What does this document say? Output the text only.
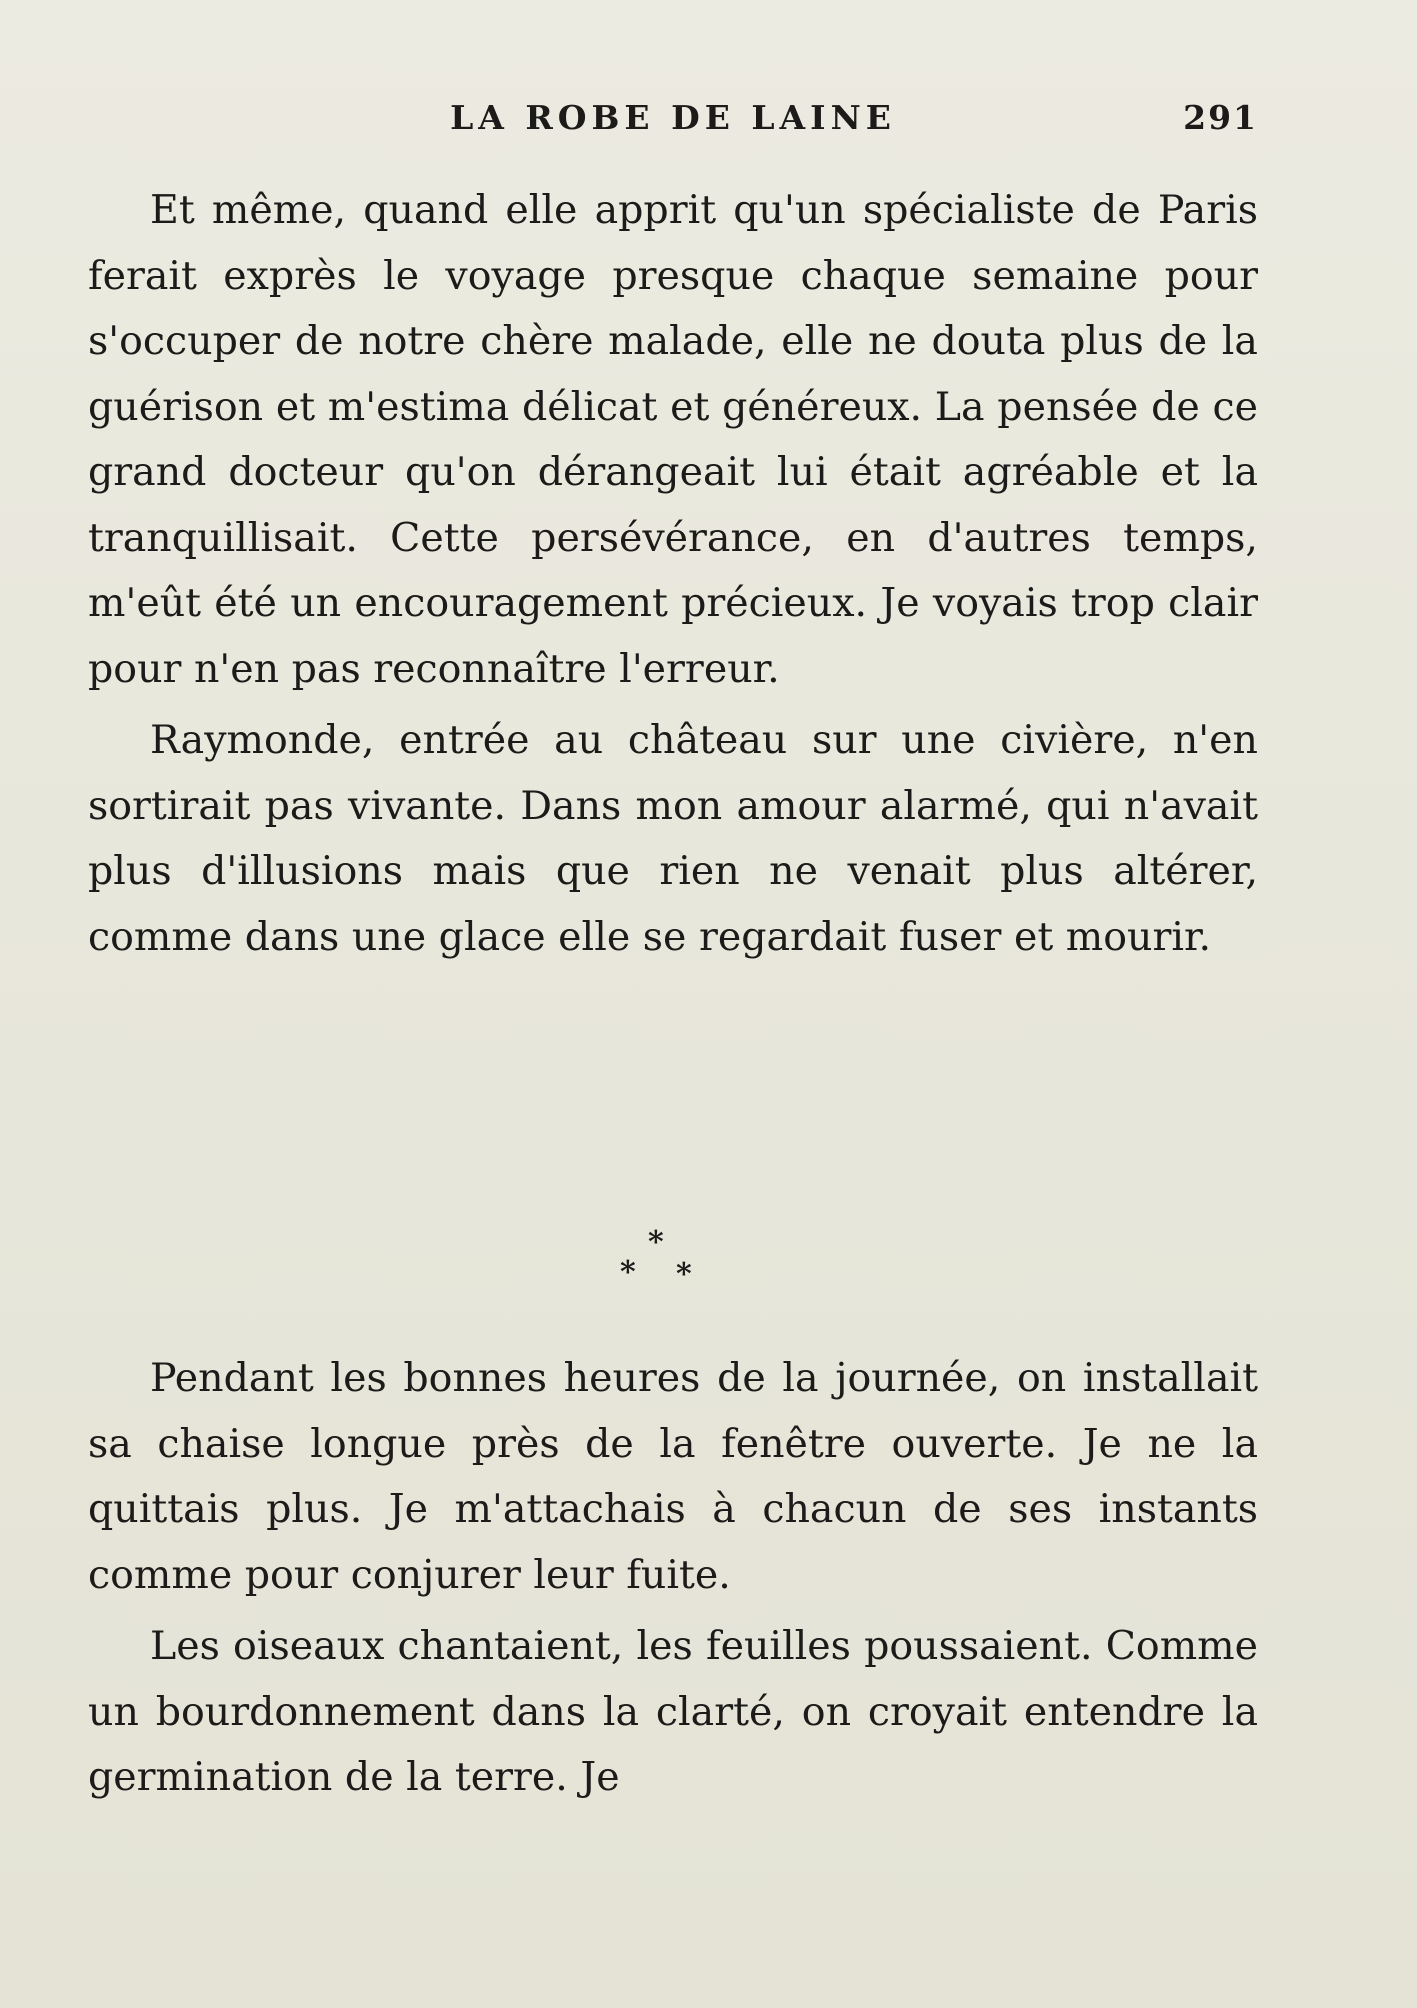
LA ROBE DE LAINE	291

Et même, quand elle apprit qu'un spécialiste de Paris ferait exprès le voyage presque chaque semaine pour s'occuper de notre chère malade, elle ne douta plus de la guérison et m'estima délicat et généreux. La pensée de ce grand docteur qu'on dérangeait lui était agréable et la tranquillisait. Cette persévérance, en d'autres temps, m'eût été un encouragement précieux. Je voyais trop clair pour n'en pas reconnaître l'erreur.

Raymonde, entrée au château sur une civière, n'en sortirait pas vivante. Dans mon amour alarmé, qui n'avait plus d'illusions mais que rien ne venait plus altérer, comme dans une glace elle se regardait fuser et mourir.

*
* *

Pendant les bonnes heures de la journée, on installait sa chaise longue près de la fenêtre ouverte. Je ne la quittais plus. Je m'attachais à chacun de ses instants comme pour conjurer leur fuite.

Les oiseaux chantaient, les feuilles poussaient. Comme un bourdonnement dans la clarté, on croyait entendre la germination de la terre. Je
